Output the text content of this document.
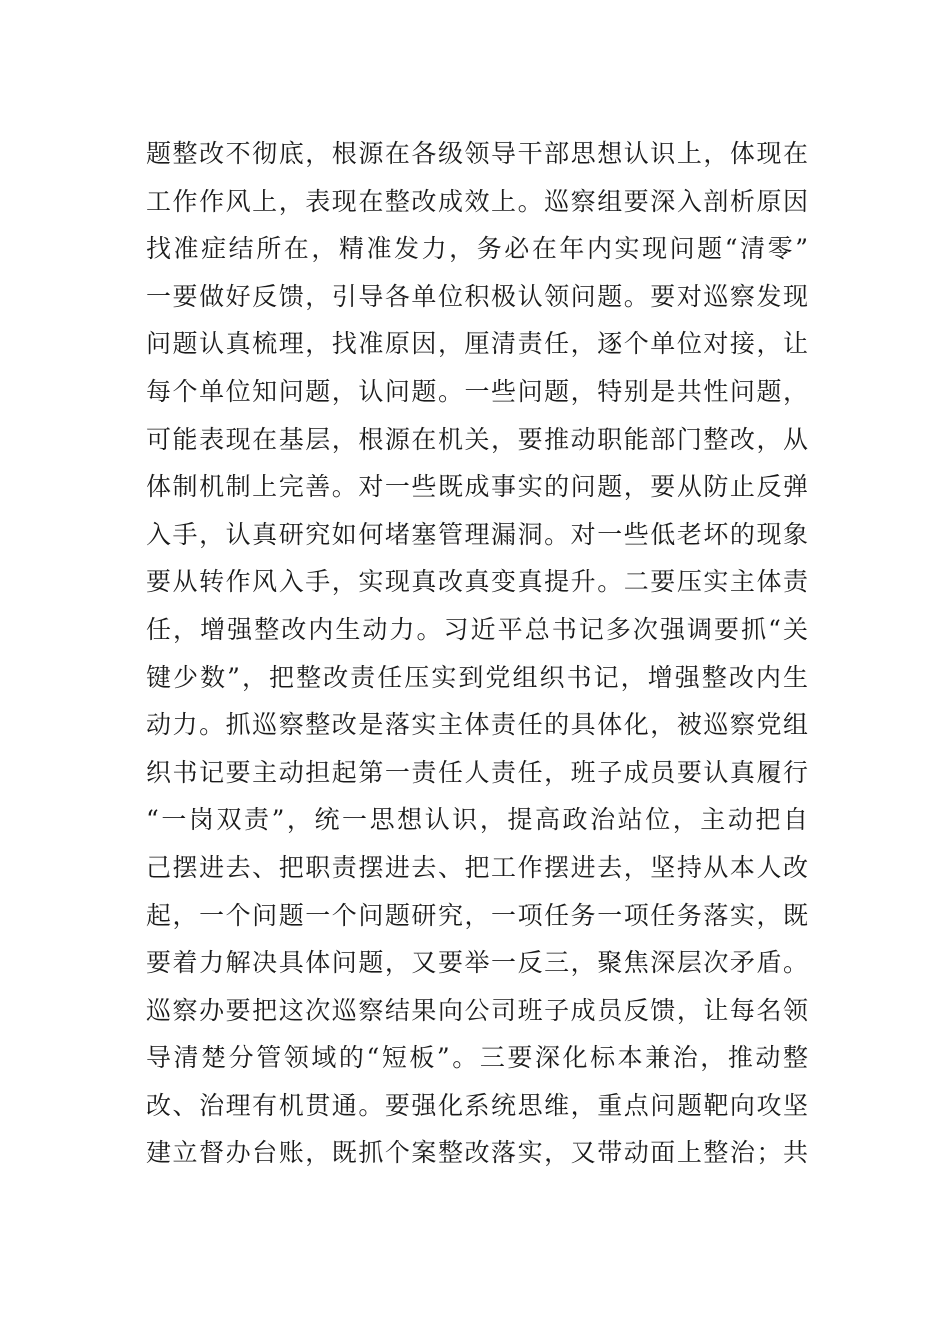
题整改不彻底，根源在各级领导干部思想认识上，体现在
工作作风上，表现在整改成效上。巡察组要深入剖析原因
找准症结所在，精准发力，务必在年内实现问题“清零”
一要做好反馈，引导各单位积极认领问题。要对巡察发现
问题认真梳理，找准原因，厘清责任，逐个单位对接，让
每个单位知问题，认问题。一些问题，特别是共性问题，
可能表现在基层，根源在机关，要推动职能部门整改，从
体制机制上完善。对一些既成事实的问题，要从防止反弹
入手，认真研究如何堵塞管理漏洞。对一些低老坏的现象
要从转作风入手，实现真改真变真提升。二要压实主体责
任，增强整改内生动力。习近平总书记多次强调要抓“关
键少数”，把整改责任压实到党组织书记，增强整改内生
动力。抓巡察整改是落实主体责任的具体化，被巡察党组
织书记要主动担起第一责任人责任，班子成员要认真履行
“一岗双责”，统一思想认识，提高政治站位，主动把自
己摆进去、把职责摆进去、把工作摆进去，坚持从本人改
起，一个问题一个问题研究，一项任务一项任务落实，既
要着力解决具体问题，又要举一反三，聚焦深层次矛盾。
巡察办要把这次巡察结果向公司班子成员反馈，让每名领
导清楚分管领域的“短板”。三要深化标本兼治，推动整
改、治理有机贯通。要强化系统思维，重点问题靶向攻坚
建立督办台账，既抓个案整改落实，又带动面上整治；共
